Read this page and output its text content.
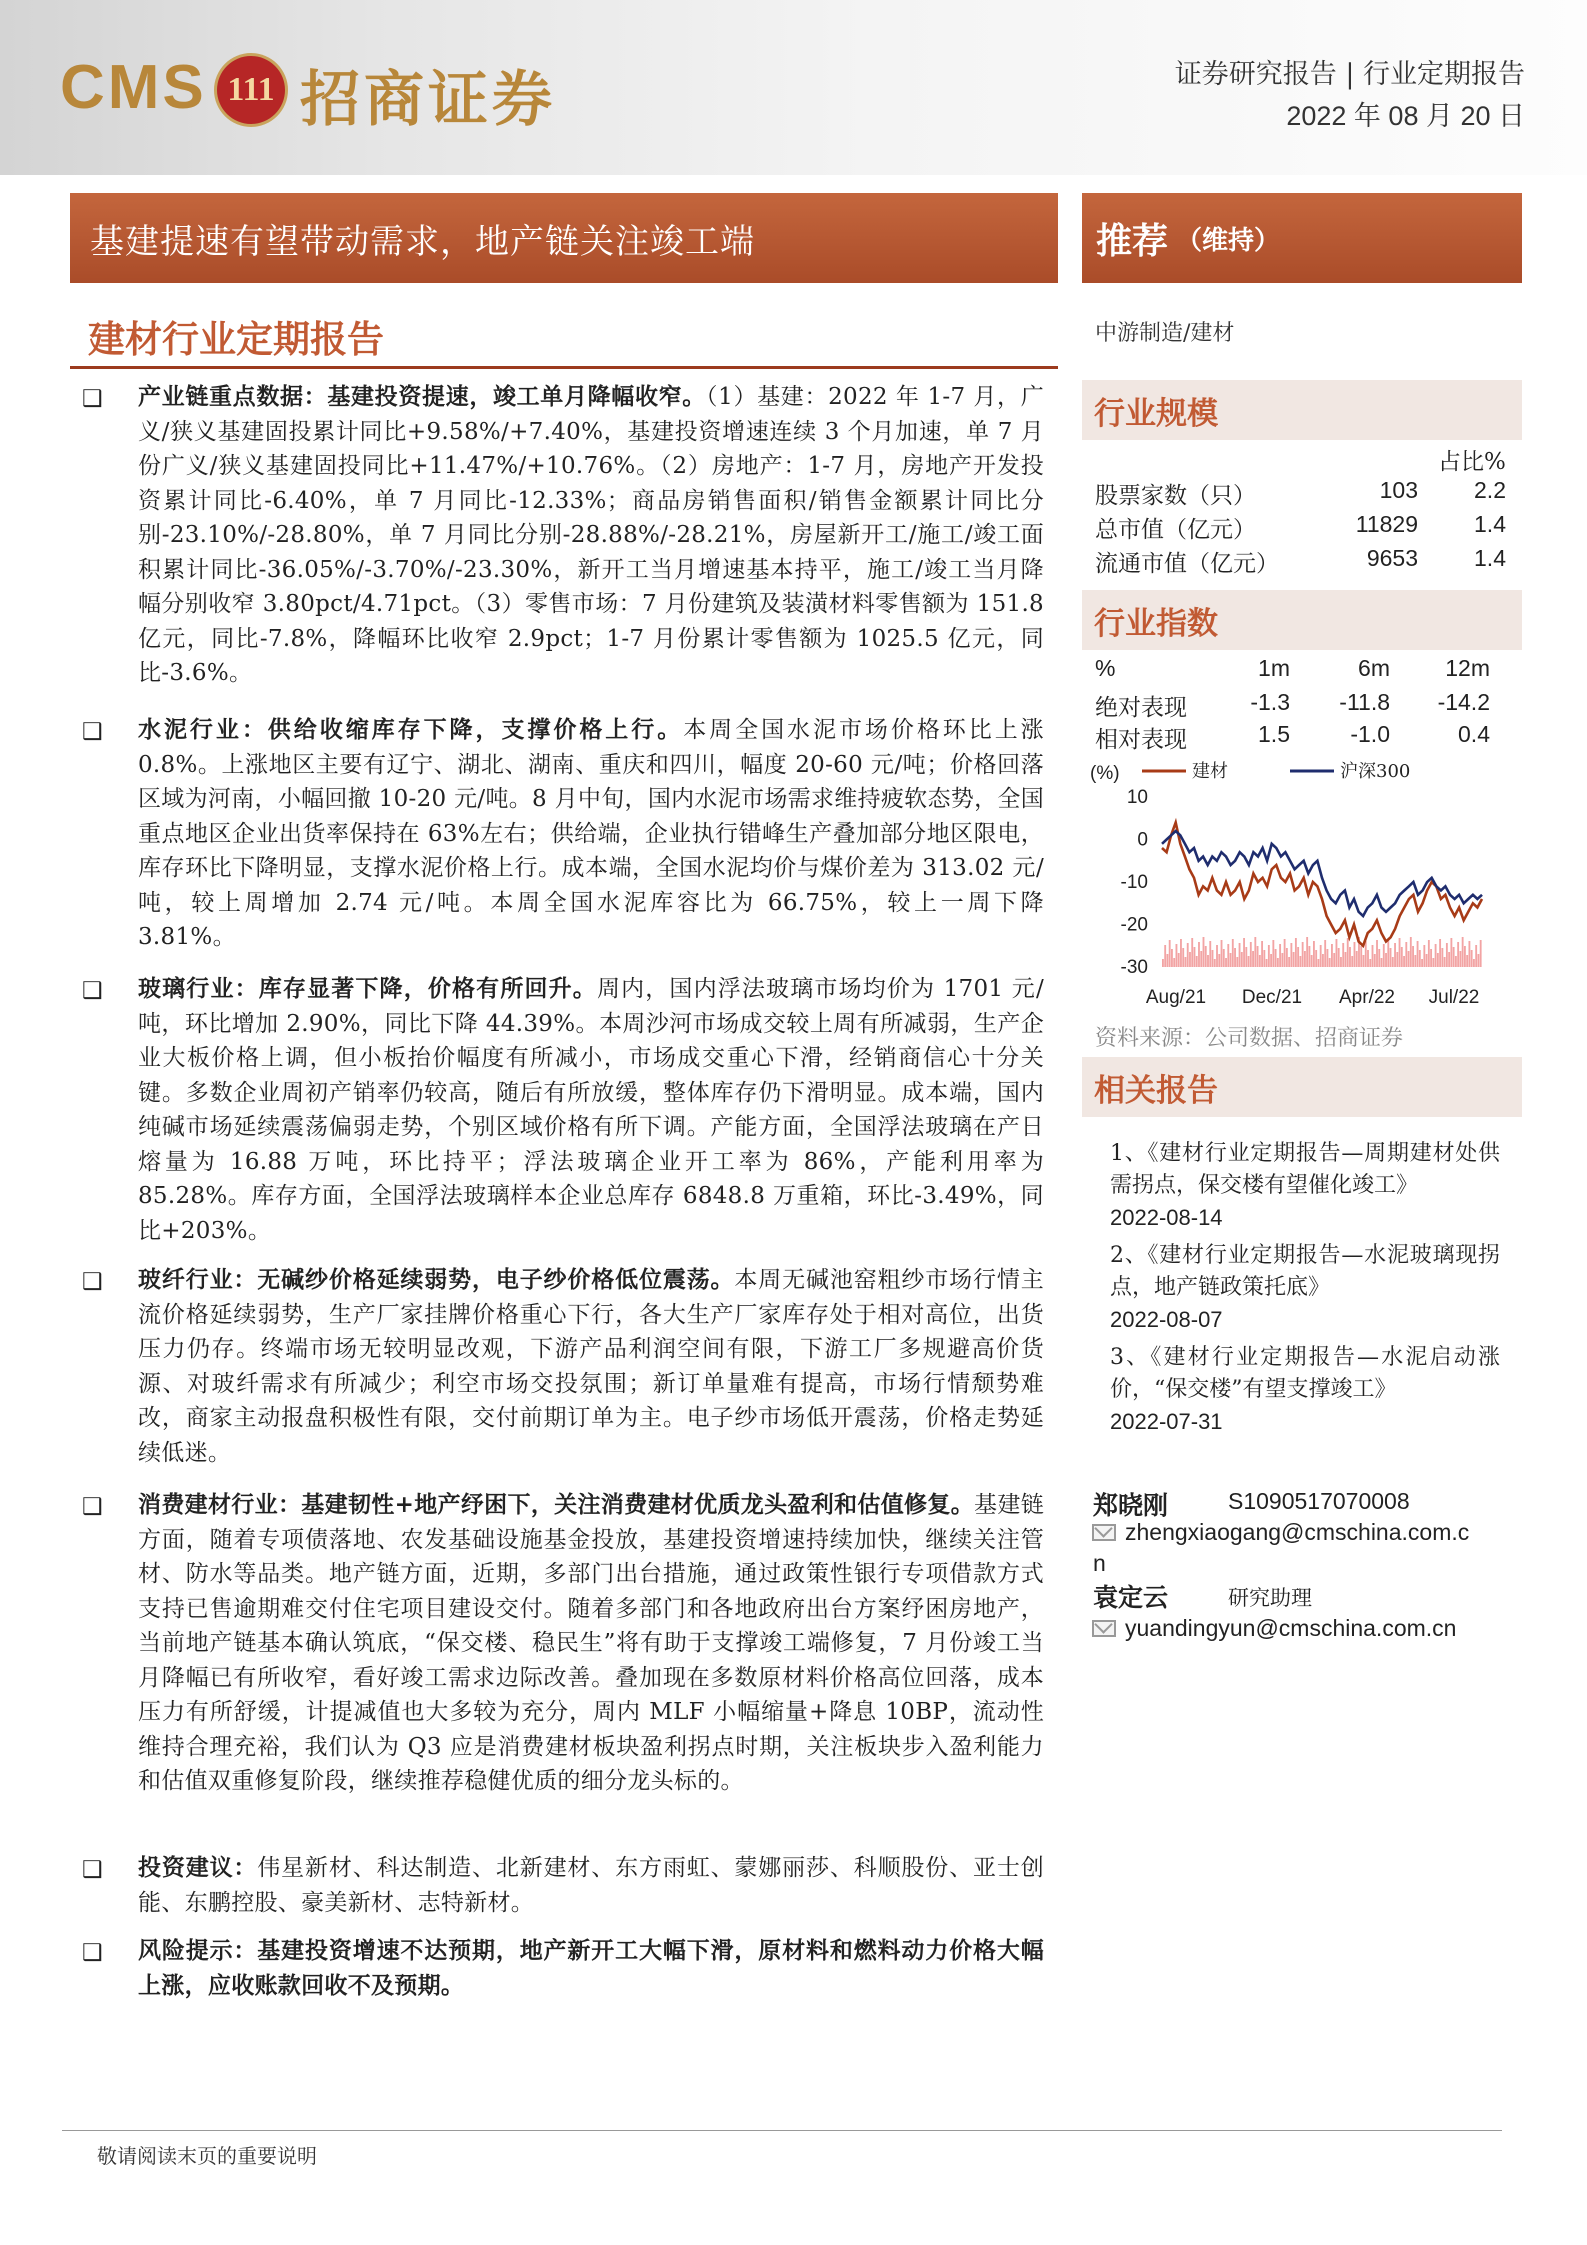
CMS 111 招商证券	证券研究报告 | 行业定期报告
2022 年 08 月 20 日
基建提速有望带动需求，地产链关注竣工端	推荐 （维持）
建材行业定期报告	中游制造/建材
❑ 产业链重点数据：基建投资提速，竣工单月降幅收窄。（1）基建：2022 年 1-7 月，广义/狭义基建固投累计同比+9.58%/+7.40%，基建投资增速连续 3 个月加速，单 7 月份广义/狭义基建固投同比+11.47%/+10.76%。（2）房地产：1-7 月，房地产开发投资累计同比-6.40%，单 7 月同比-12.33%；商品房销售面积/销售金额累计同比分别-23.10%/-28.80%，单 7 月同比分别-28.88%/-28.21%，房屋新开工/施工/竣工面积累计同比-36.05%/-3.70%/-23.30%，新开工当月增速基本持平，施工/竣工当月降幅分别收窄 3.80pct/4.71pct。（3）零售市场：7 月份建筑及装潢材料零售额为 151.8 亿元，同比-7.8%，降幅环比收窄 2.9pct；1-7 月份累计零售额为 1025.5 亿元，同比-3.6%。
❑ 水泥行业：供给收缩库存下降，支撑价格上行。本周全国水泥市场价格环比上涨 0.8%。上涨地区主要有辽宁、湖北、湖南、重庆和四川，幅度 20-60 元/吨；价格回落区域为河南，小幅回撤 10-20 元/吨。8 月中旬，国内水泥市场需求维持疲软态势，全国重点地区企业出货率保持在 63%左右；供给端，企业执行错峰生产叠加部分地区限电，库存环比下降明显，支撑水泥价格上行。成本端，全国水泥均价与煤价差为 313.02 元/吨，较上周增加 2.74 元/吨。本周全国水泥库容比为 66.75%，较上一周下降 3.81%。
❑ 玻璃行业：库存显著下降，价格有所回升。周内，国内浮法玻璃市场均价为 1701 元/吨，环比增加 2.90%，同比下降 44.39%。本周沙河市场成交较上周有所减弱，生产企业大板价格上调，但小板抬价幅度有所减小，市场成交重心下滑，经销商信心十分关键。多数企业周初产销率仍较高，随后有所放缓，整体库存仍下滑明显。成本端，国内纯碱市场延续震荡偏弱走势，个别区域价格有所下调。产能方面，全国浮法玻璃在产日熔量为 16.88 万吨，环比持平；浮法玻璃企业开工率为 86%，产能利用率为 85.28%。库存方面，全国浮法玻璃样本企业总库存 6848.8 万重箱，环比-3.49%，同比+203%。
❑ 玻纤行业：无碱纱价格延续弱势，电子纱价格低位震荡。本周无碱池窑粗纱市场行情主流价格延续弱势，生产厂家挂牌价格重心下行，各大生产厂家库存处于相对高位，出货压力仍存。终端市场无较明显改观，下游产品利润空间有限，下游工厂多规避高价货源、对玻纤需求有所减少；利空市场交投氛围；新订单量难有提高，市场行情颓势难改，商家主动报盘积极性有限，交付前期订单为主。电子纱市场低开震荡，价格走势延续低迷。
❑ 消费建材行业：基建韧性+地产纾困下，关注消费建材优质龙头盈利和估值修复。基建链方面，随着专项债落地、农发基础设施基金投放，基建投资增速持续加快，继续关注管材、防水等品类。地产链方面，近期，多部门出台措施，通过政策性银行专项借款方式支持已售逾期难交付住宅项目建设交付。随着多部门和各地政府出台方案纾困房地产，当前地产链基本确认筑底，“保交楼、稳民生”将有助于支撑竣工端修复，7 月份竣工当月降幅已有所收窄，看好竣工需求边际改善。叠加现在多数原材料价格高位回落，成本压力有所舒缓，计提减值也大多较为充分，周内 MLF 小幅缩量+降息 10BP，流动性维持合理充裕，我们认为 Q3 应是消费建材板块盈利拐点时期，关注板块步入盈利能力和估值双重修复阶段，继续推荐稳健优质的细分龙头标的。
❑ 投资建议：伟星新材、科达制造、北新建材、东方雨虹、蒙娜丽莎、科顺股份、亚士创能、东鹏控股、豪美新材、志特新材。
❑ 风险提示：基建投资增速不达预期，地产新开工大幅下滑，原材料和燃料动力价格大幅上涨，应收账款回收不及预期。
行业规模
占比%
股票家数（只）	103	2.2
总市值（亿元）	11829	1.4
流通市值（亿元）	9653	1.4
行业指数
%	1m	6m 12m
绝对表现	-1.3	-11.8	-14.2
相对表现	1.5	-1.0	0.4
(%)	建材	沪深300
10
0
-10
-20
-30
Aug/21 Dec/21 Apr/22 Jul/22
资料来源：公司数据、招商证券
相关报告
1、《建材行业定期报告—周期建材处供需拐点，保交楼有望催化竣工》
2022-08-14
2、《建材行业定期报告—水泥玻璃现拐点，地产链政策托底》
2022-08-07
3、《建材行业定期报告—水泥启动涨价，“保交楼”有望支撑竣工》
2022-07-31
郑晓刚	S1090517070008
zhengxiaogang@cmschina.com.c
n
袁定云	研究助理
yuandingyun@cmschina.com.cn
敬请阅读末页的重要说明
